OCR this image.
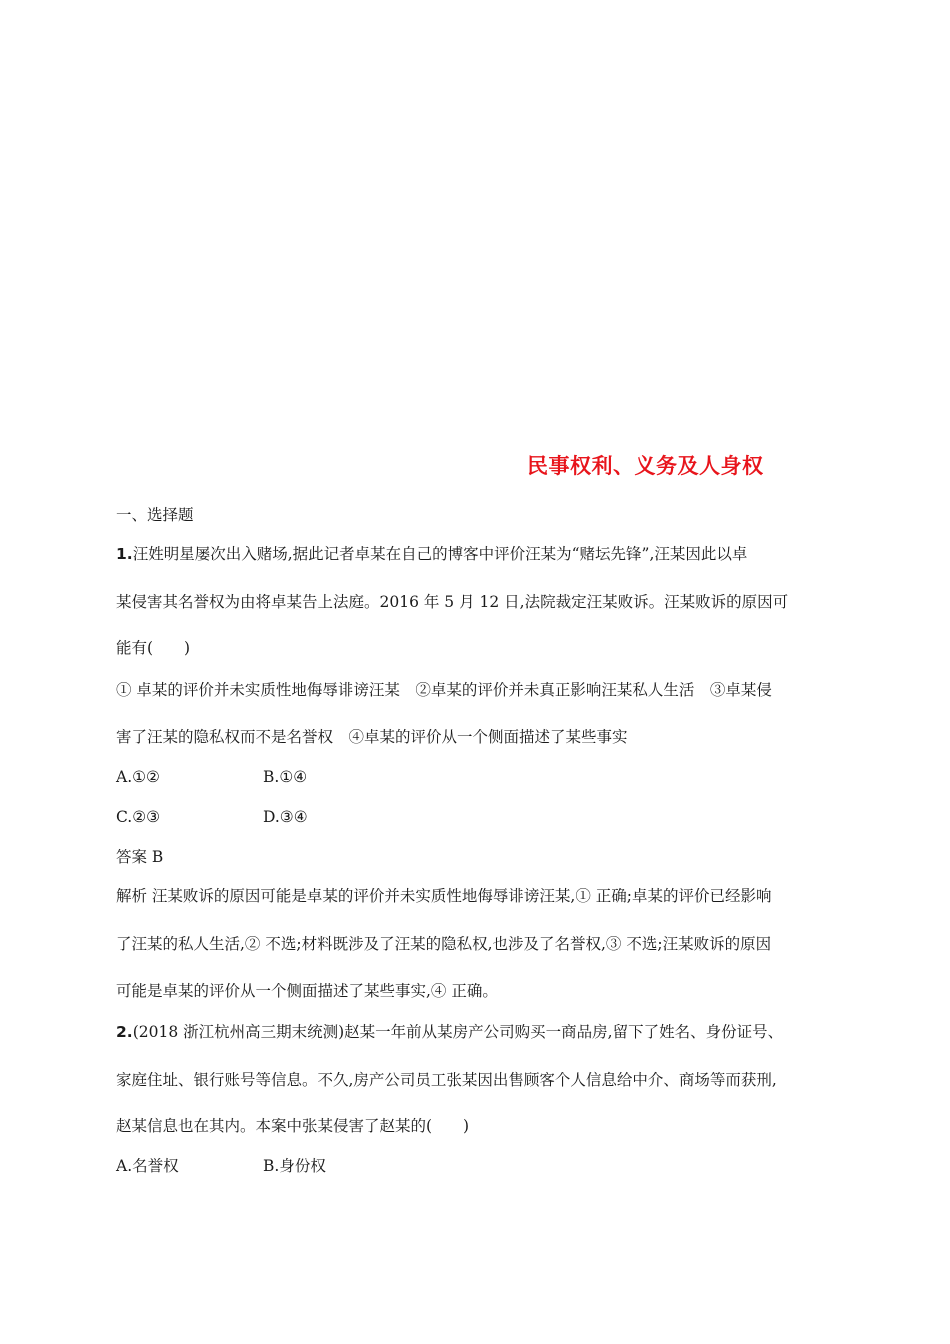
民事权利、义务及人身权
一、选择题
1.汪姓明星屡次出入赌场,据此记者卓某在自己的博客中评价汪某为“赌坛先锋”,汪某因此以卓
某侵害其名誉权为由将卓某告上法庭。2016 年 5 月 12 日,法院裁定汪某败诉。汪某败诉的原因可
能有(　　)
① 卓某的评价并未实质性地侮辱诽谤汪某　②卓某的评价并未真正影响汪某私人生活　③卓某侵
害了汪某的隐私权而不是名誉权　④卓某的评价从一个侧面描述了某些事实
A.①②	B.①④
C.②③	D.③④
答案 B
解析 汪某败诉的原因可能是卓某的评价并未实质性地侮辱诽谤汪某,① 正确;卓某的评价已经影响
了汪某的私人生活,② 不选;材料既涉及了汪某的隐私权,也涉及了名誉权,③ 不选;汪某败诉的原因
可能是卓某的评价从一个侧面描述了某些事实,④ 正确。
2.(2018 浙江杭州高三期末统测)赵某一年前从某房产公司购买一商品房,留下了姓名、身份证号、
家庭住址、银行账号等信息。不久,房产公司员工张某因出售顾客个人信息给中介、商场等而获刑,
赵某信息也在其内。本案中张某侵害了赵某的(　　)
A.名誉权	B.身份权
